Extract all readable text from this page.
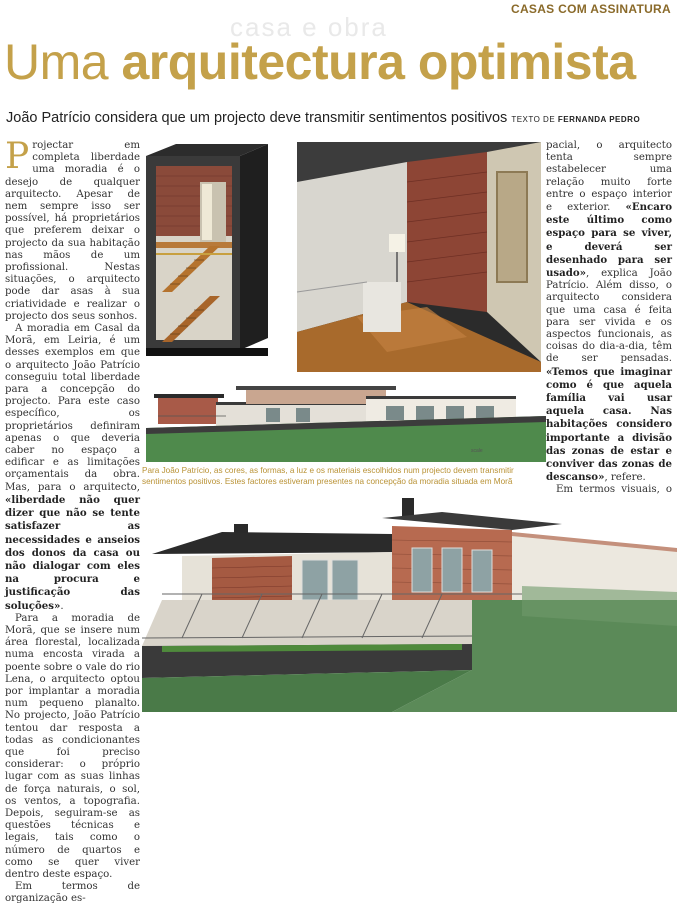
CASAS COM ASSINATURA
casa e obra
Uma arquitectura optimista
João Patrício considera que um projecto deve transmitir sentimentos positivos TEXTO DE FERNANDA PEDRO

Projectar em completa liberdade uma moradia é o desejo de qualquer arquitecto. Apesar de nem sempre isso ser possível, há proprietários que preferem deixar o projecto da sua habitação nas mãos de um profissional. Nestas situações, o arquitecto pode dar asas à sua criatividade e realizar o projecto dos seus sonhos.

A moradia em Casal da Morã, em Leiria, é um desses exemplos em que o arquitecto João Patrício conseguiu total liberdade para a concepção do projecto. Para este caso específico, os proprietários definiram apenas o que deveria caber no espaço a edificar e as limitações orçamentais da obra. Mas, para o arquitecto, «liberdade não quer dizer que não se tente satisfazer as necessidades e anseios dos donos da casa ou não dialogar com eles na procura e justificação das soluções».

Para a moradia de Morã, que se insere num área florestal, localizada numa encosta virada a poente sobre o vale do rio Lena, o arquitecto optou por implantar a moradia num pequeno planalto. No projecto, João Patrício tentou dar resposta a todas as condicionantes que foi preciso considerar: o próprio lugar com as suas linhas de força naturais, o sol, os ventos, a topografia. Depois, seguiram-se as questões técnicas e legais, tais como o número de quartos e como se quer viver dentro deste espaço.

Em termos de organização es-

pacial, o arquitecto tenta sempre estabelecer uma relação muito forte entre o espaço interior e exterior. «Encaro este último como espaço para se viver, e deverá ser desenhado para ser usado», explica João Patrício. Além disso, o arquitecto considera que uma casa é feita para ser vivida e os aspectos funcionais, as coisas do dia-a-dia, têm de ser pensadas. «Temos que imaginar como é que aquela família vai usar aquela casa. Nas habitações considero importante a divisão das zonas de estar e conviver das zonas de descanso», refere.

Em termos visuais, o

scale
Para João Patrício, as cores, as formas, a luz e os materiais escolhidos num projecto devem transmitir sentimentos positivos. Estes factores estiveram presentes na concepção da moradia situada em Morã
